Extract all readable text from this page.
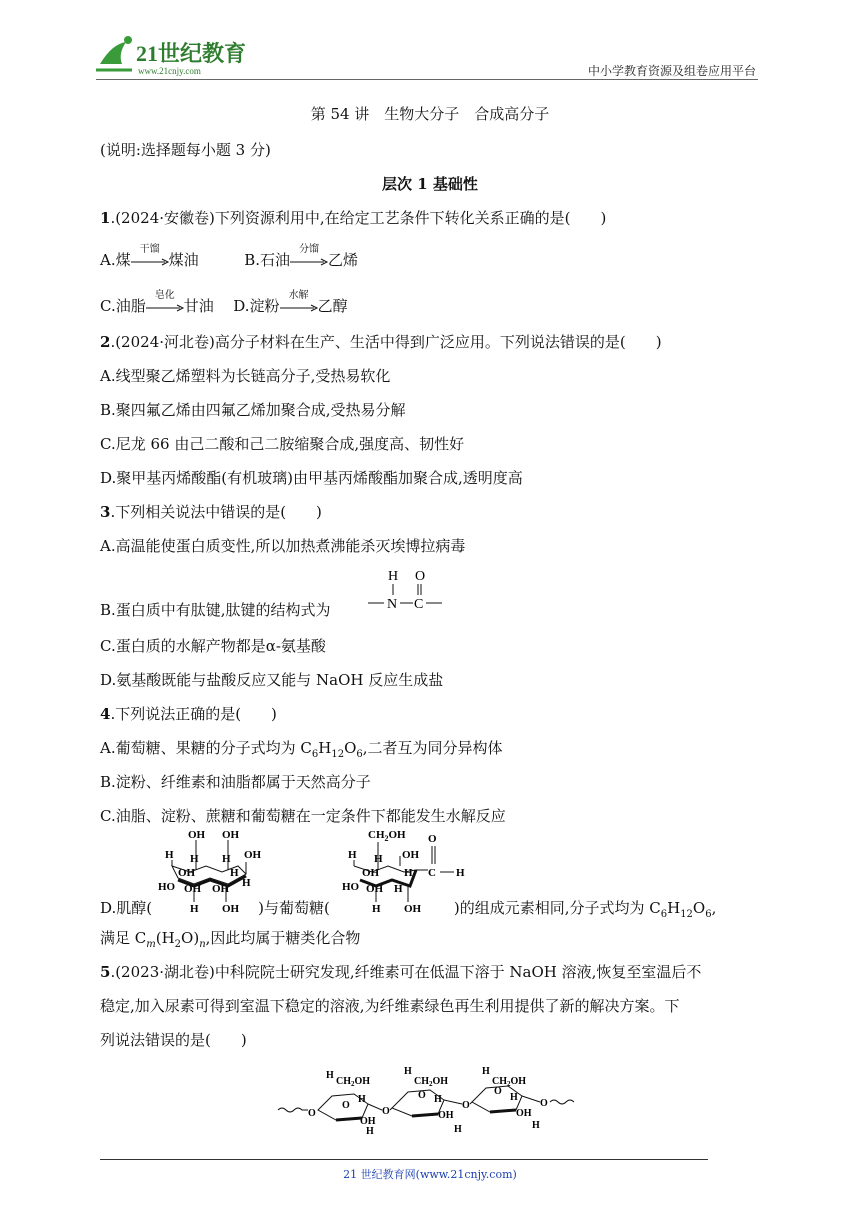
21世纪教育
www.21cnjy.com	中小学教育资源及组卷应用平台
第 54 讲　生物大分子　合成高分子
(说明:选择题每小题 3 分)
层次 1 基础性
1.(2024·安徽卷)下列资源利用中,在给定工艺条件下转化关系正确的是(　　)
A.煤
干馏
煤油	B.石油
分馏
乙烯
C.油脂
皂化
甘油 D.淀粉
水解
乙醇
2.(2024·河北卷)高分子材料在生产、生活中得到广泛应用。下列说法错误的是(　　)
A.线型聚乙烯塑料为长链高分子,受热易软化
B.聚四氟乙烯由四氟乙烯加聚合成,受热易分解
C.尼龙 66 由己二酸和己二胺缩聚合成,强度高、韧性好
D.聚甲基丙烯酸酯(有机玻璃)由甲基丙烯酸酯加聚合成,透明度高
3.下列相关说法中错误的是(　　)
A.高温能使蛋白质变性,所以加热煮沸能杀灭埃博拉病毒
B.蛋白质中有肽键,肽键的结构式为
H O
N C
C.蛋白质的水解产物都是α-氨基酸
D.氨基酸既能与盐酸反应又能与 NaOH 反应生成盐
4.下列说法正确的是(　　)
A.葡萄糖、果糖的分子式均为 $C_6H_{12}O_6$,二者互为同分异构体
B.淀粉、纤维素和油脂都属于天然高分子
C.油脂、淀粉、蔗糖和葡萄糖在一定条件下都能发生水解反应
OH OH
H H H OH
OH	H
HO	H
OH OH
H OH
$CH_2OH$
H H OH
OH H
HO OH H
H OH
O
C H
D.肌醇(	)与葡萄糖(	)的组成元素相同,分子式均为 $C_6H_{12}O_6$,
满足 $C_m(H_2O)_n$,因此均属于糖类化合物
5.(2023·湖北卷)中科院院士研究发现,纤维素可在低温下溶于 NaOH 溶液,恢复至室温后不
稳定,加入尿素可得到室温下稳定的溶液,为纤维素绿色再生利用提供了新的解决方案。下
列说法错误的是(　　)
H
$CH_2OH$
H
$CH_2OH$
H
$CH_2OH$
O	O
O	O
H	H	H
OH
OH	OH
H	H	H
O
O	O
21 世纪教育网(www.21cnjy.com)
